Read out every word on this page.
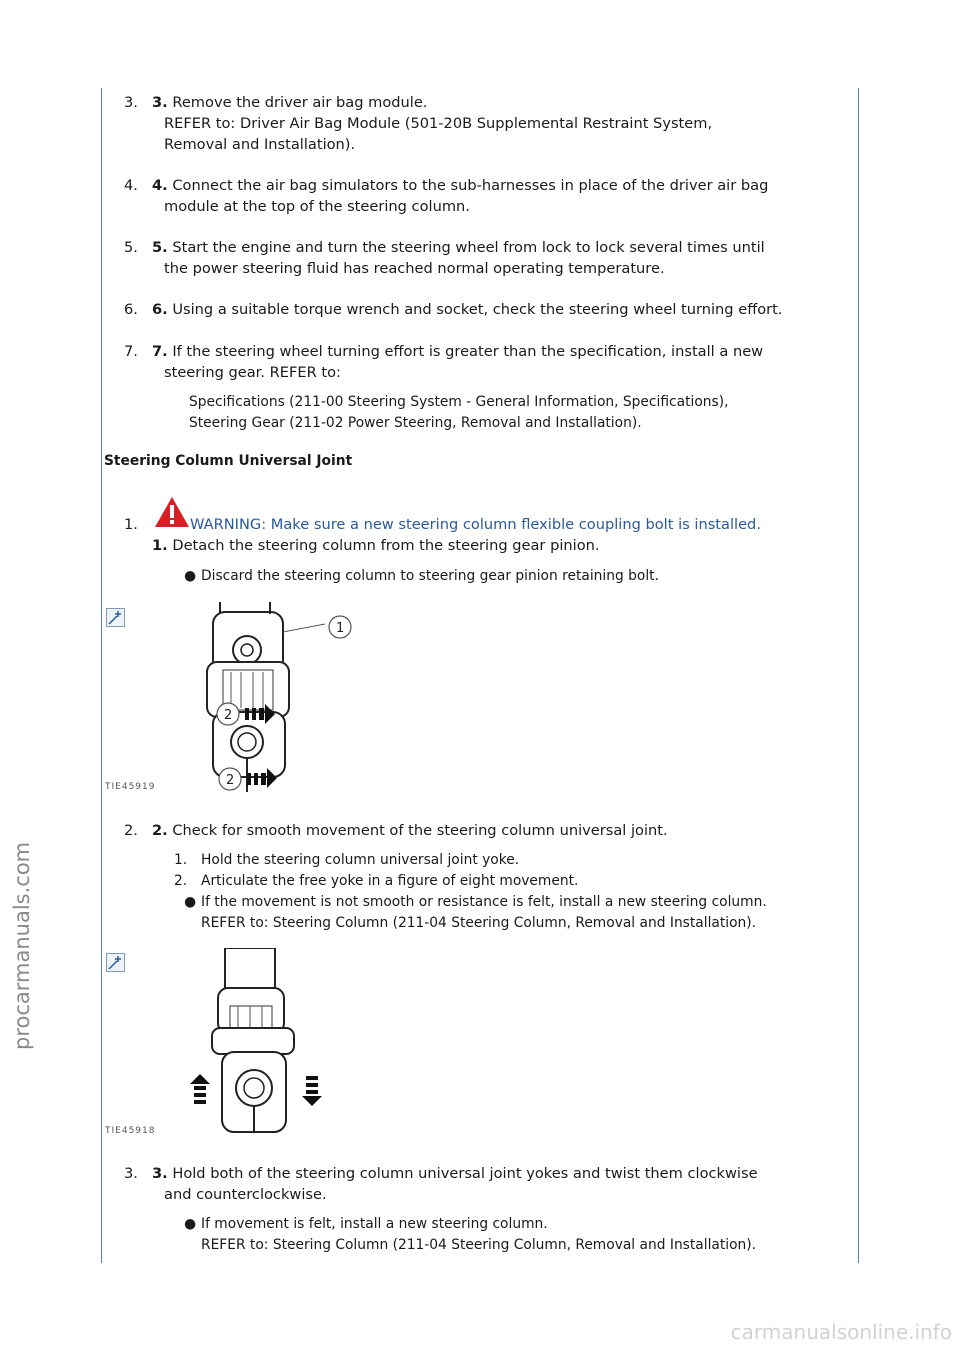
procarmanuals.com
carmanualsonline.info
3. 3. Remove the driver air bag module.
REFER to: Driver Air Bag Module (501-20B Supplemental Restraint System,
Removal and Installation).
4. 4. Connect the air bag simulators to the sub-harnesses in place of the driver air bag
module at the top of the steering column.
5. 5. Start the engine and turn the steering wheel from lock to lock several times until
the power steering fluid has reached normal operating temperature.
6. 6. Using a suitable torque wrench and socket, check the steering wheel turning effort.
7. 7. If the steering wheel turning effort is greater than the specification, install a new
steering gear. REFER to:
Specifications (211-00 Steering System - General Information, Specifications),
Steering Gear (211-02 Power Steering, Removal and Installation).
Steering Column Universal Joint
1.	WARNING: Make sure a new steering column flexible coupling bolt is installed.
1. Detach the steering column from the steering gear pinion.
● Discard the steering column to steering gear pinion retaining bolt.
1
2
2
TIE45919
2. 2. Check for smooth movement of the steering column universal joint.
1. Hold the steering column universal joint yoke.
2. Articulate the free yoke in a figure of eight movement.
● If the movement is not smooth or resistance is felt, install a new steering column.
REFER to: Steering Column (211-04 Steering Column, Removal and Installation).
TIE45918
3. 3. Hold both of the steering column universal joint yokes and twist them clockwise
and counterclockwise.
● If movement is felt, install a new steering column.
REFER to: Steering Column (211-04 Steering Column, Removal and Installation).
